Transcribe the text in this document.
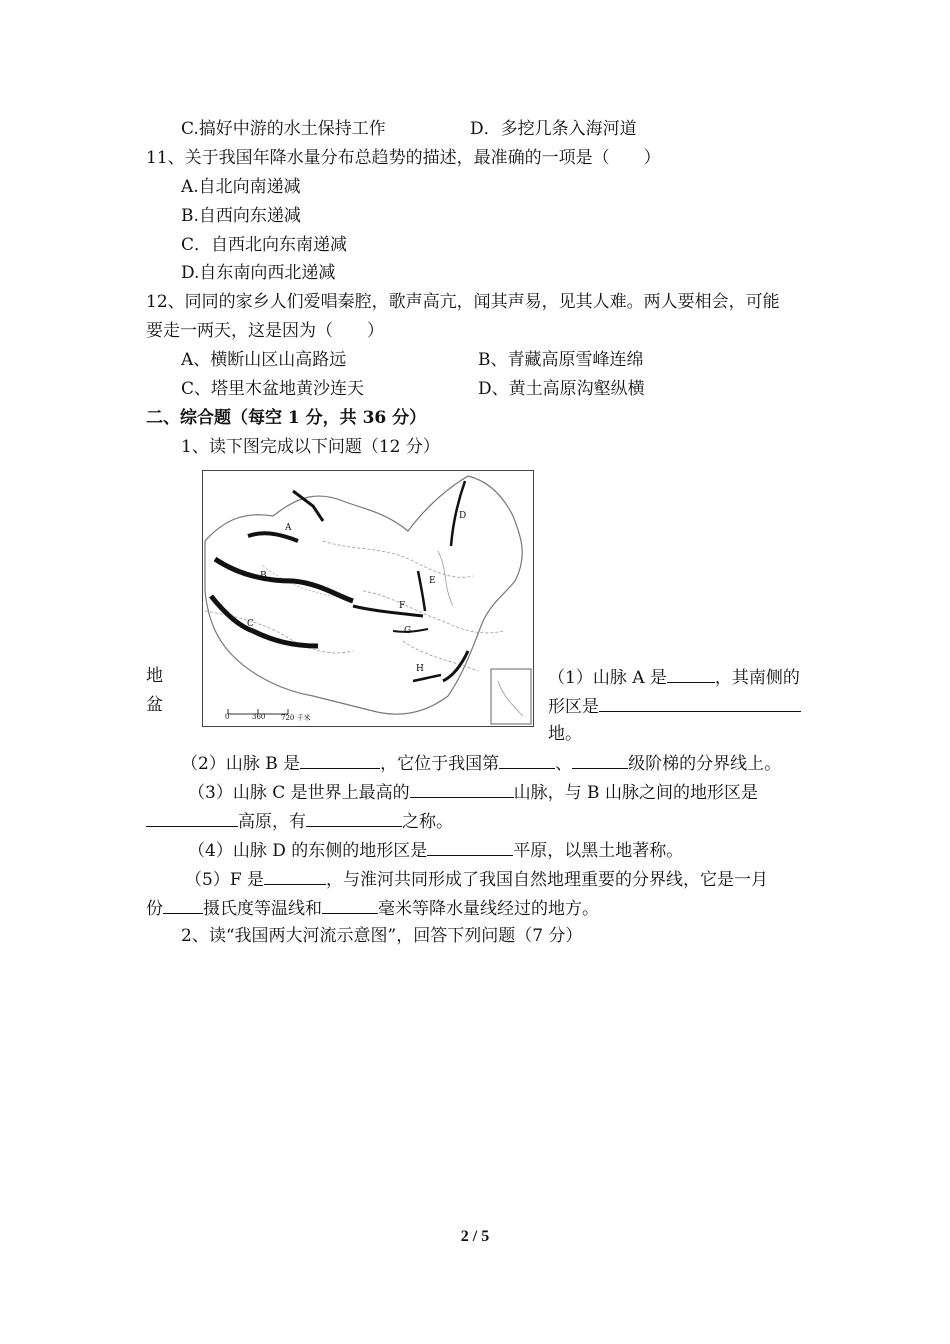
C.搞好中游的水土保持工作	D．多挖几条入海河道
11、关于我国年降水量分布总趋势的描述，最准确的一项是（　　）
A.自北向南递减
B.自西向东递减
C．自西北向东南递减
D.自东南向西北递减
12、同同的家乡人们爱唱秦腔，歌声高亢，闻其声易，见其人难。两人要相会，可能
要走一两天，这是因为（　　）
A、横断山区山高路远	B、青藏高原雪峰连绵
C、塔里木盆地黄沙连天	D、黄土高原沟壑纵横
二、综合题（每空 1 分，共 36 分）
1、读下图完成以下问题（12 分）
A
B
C
D
E
F
G
H
0	360 720 千米
地
盆
（1）山脉 A 是	，其南侧的
形区是
地。
（2）山脉 B 是	，它位于我国第	、	级阶梯的分界线上。
（3）山脉 C 是世界上最高的	山脉，与 B 山脉之间的地形区是
高原，有	之称。
（4）山脉 D 的东侧的地形区是	平原，以黑土地著称。
（5）F 是	，与淮河共同形成了我国自然地理重要的分界线，它是一月
份 摄氏度等温线和	毫米等降水量线经过的地方。
2、读“我国两大河流示意图”，回答下列问题（7 分）
2 / 5
